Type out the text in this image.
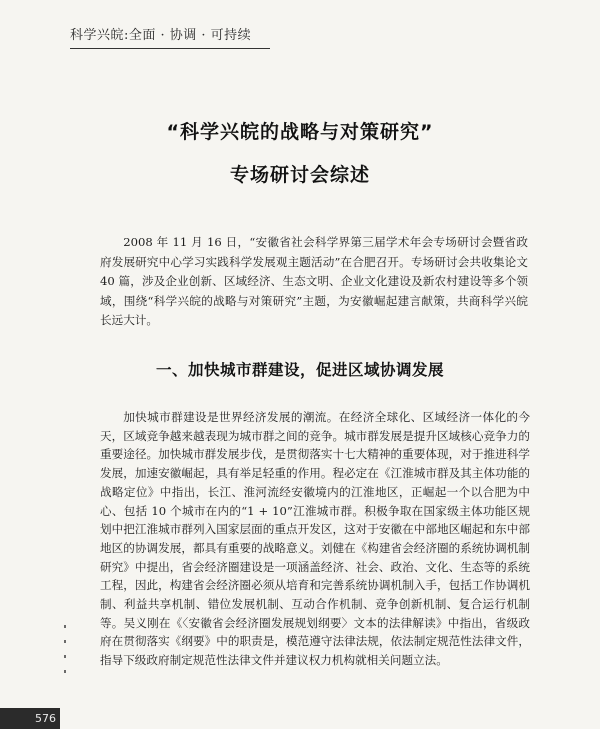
科学兴皖:全面 · 协调 · 可持续
“科学兴皖的战略与对策研究”
专场研讨会综述
2008 年 11 月 16 日，“安徽省社会科学界第三届学术年会专场研讨会暨省政府发展研究中心学习实践科学发展观主题活动”在合肥召开。专场研讨会共收集论文 40 篇，涉及企业创新、区域经济、生态文明、企业文化建设及新农村建设等多个领域，围绕“科学兴皖的战略与对策研究”主题，为安徽崛起建言献策，共商科学兴皖长远大计。
一、加快城市群建设，促进区域协调发展
加快城市群建设是世界经济发展的潮流。在经济全球化、区域经济一体化的今天，区域竞争越来越表现为城市群之间的竞争。城市群发展是提升区域核心竞争力的重要途径。加快城市群发展步伐，是贯彻落实十七大精神的重要体现，对于推进科学发展，加速安徽崛起，具有举足轻重的作用。程必定在《江淮城市群及其主体功能的战略定位》中指出，长江、淮河流经安徽境内的江淮地区，正崛起一个以合肥为中心、包括 10 个城市在内的“1 + 10”江淮城市群。积极争取在国家级主体功能区规划中把江淮城市群列入国家层面的重点开发区，这对于安徽在中部地区崛起和东中部地区的协调发展，都具有重要的战略意义。刘健在《构建省会经济圈的系统协调机制研究》中提出，省会经济圈建设是一项涵盖经济、社会、政治、文化、生态等的系统工程，因此，构建省会经济圈必须从培育和完善系统协调机制入手，包括工作协调机制、利益共享机制、错位发展机制、互动合作机制、竞争创新机制、复合运行机制等。吴义刚在《〈安徽省会经济圈发展规划纲要〉文本的法律解读》中指出，省级政府在贯彻落实《纲要》中的职责是，模范遵守法律法规，依法制定规范性法律文件，指导下级政府制定规范性法律文件并建议权力机构就相关问题立法。
576
